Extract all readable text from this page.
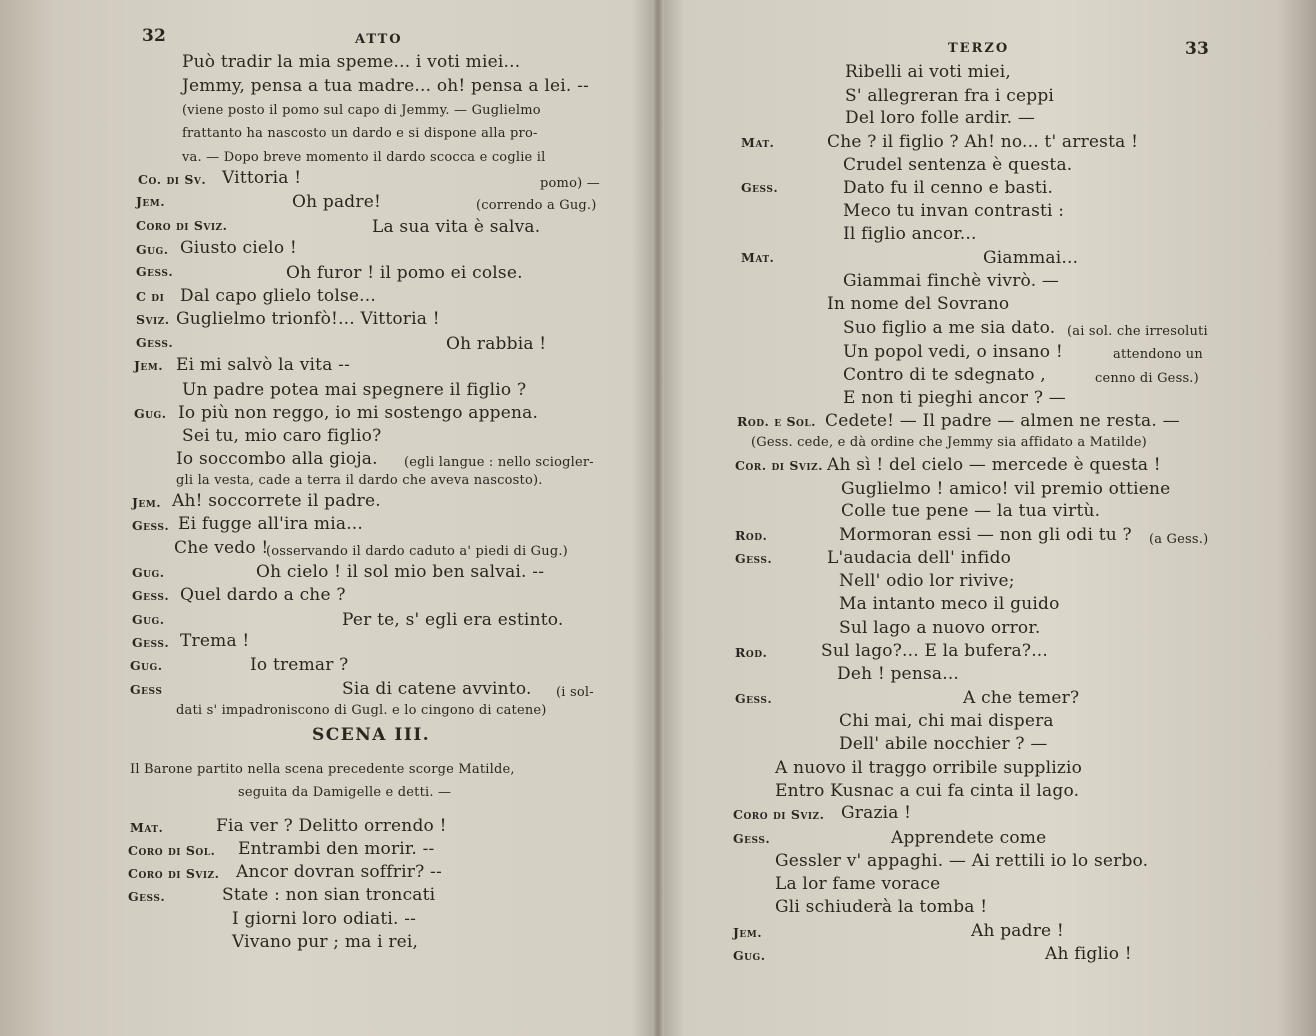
32	ATTO
Può tradir la mia speme... i voti miei...
Jemmy, pensa a tua madre... oh! pensa a lei. --
(viene posto il pomo sul capo di Jemmy. — Guglielmo
frattanto ha nascosto un dardo e si dispone alla pro-
va. — Dopo breve momento il dardo scocca e coglie il
Co. di Sv. Vittoria !	pomo) —
Jem.	Oh padre!	(correndo a Gug.)
Coro di Sviz.	La sua vita è salva.
Gug. Giusto cielo !
Gess.	Oh furor ! il pomo ei colse.
C di Dal capo glielo tolse...
Sviz. Guglielmo trionfò!... Vittoria !
Gess.	Oh rabbia !
Jem. Ei mi salvò la vita --
Un padre potea mai spegnere il figlio ?
Gug. Io più non reggo, io mi sostengo appena.
Sei tu, mio caro figlio?
Io soccombo alla gioja. (egli langue : nello sciogler-
gli la vesta, cade a terra il dardo che aveva nascosto).
Jem. Ah! soccorrete il padre.
Gess. Ei fugge all'ira mia...
Che vedo !
(osservando il dardo caduto a' piedi di Gug.)
Gug.	Oh cielo ! il sol mio ben salvai. --
Gess. Quel dardo a che ?
Gug.	Per te, s' egli era estinto.
Gess. Trema !
Gug.	Io tremar ?
Gess	Sia di catene avvinto. (i sol-
dati s' impadroniscono di Gugl. e lo cingono di catene)
SCENA III.
Il Barone partito nella scena precedente scorge Matilde,
seguita da Damigelle e detti. —
Mat.	Fia ver ? Delitto orrendo !
Coro di Sol. Entrambi den morir. --
Coro di Sviz. Ancor dovran soffrir? --
Gess.	State : non sian troncati
I giorni loro odiati. --
Vivano pur ; ma i rei,
TERZO	33
Ribelli ai voti miei,
S' allegreran fra i ceppi
Del loro folle ardir. —
Mat.	Che ? il figlio ? Ah! no... t' arresta !
Crudel sentenza è questa.
Gess.	Dato fu il cenno e basti.
Meco tu invan contrasti :
Il figlio ancor...
Mat.	Giammai...
Giammai finchè vivrò. —
In nome del Sovrano
Suo figlio a me sia dato. (ai sol. che irresoluti
Un popol vedi, o insano !	attendono un
Contro di te sdegnato ,	cenno di Gess.)
E non ti pieghi ancor ? —
Rod. e Sol. Cedete! — Il padre — almen ne resta. —
(Gess. cede, e dà ordine che Jemmy sia affidato a Matilde)
Cor. di Sviz. Ah sì ! del cielo — mercede è questa !
Guglielmo ! amico! vil premio ottiene
Colle tue pene — la tua virtù.
Rod.	Mormoran essi — non gli odi tu ? (a Gess.)
Gess.	L'audacia dell' infido
Nell' odio lor rivive;
Ma intanto meco il guido
Sul lago a nuovo orror.
Rod.	Sul lago?... E la bufera?...
Deh ! pensa...
Gess.	A che temer?
Chi mai, chi mai dispera
Dell' abile nocchier ? —
A nuovo il traggo orribile supplizio
Entro Kusnac a cui fa cinta il lago.
Coro di Sviz. Grazia !
Gess.	Apprendete come
Gessler v' appaghi. — Ai rettili io lo serbo.
La lor fame vorace
Gli schiuderà la tomba !
Jem.	Ah padre !
Gug.	Ah figlio !
